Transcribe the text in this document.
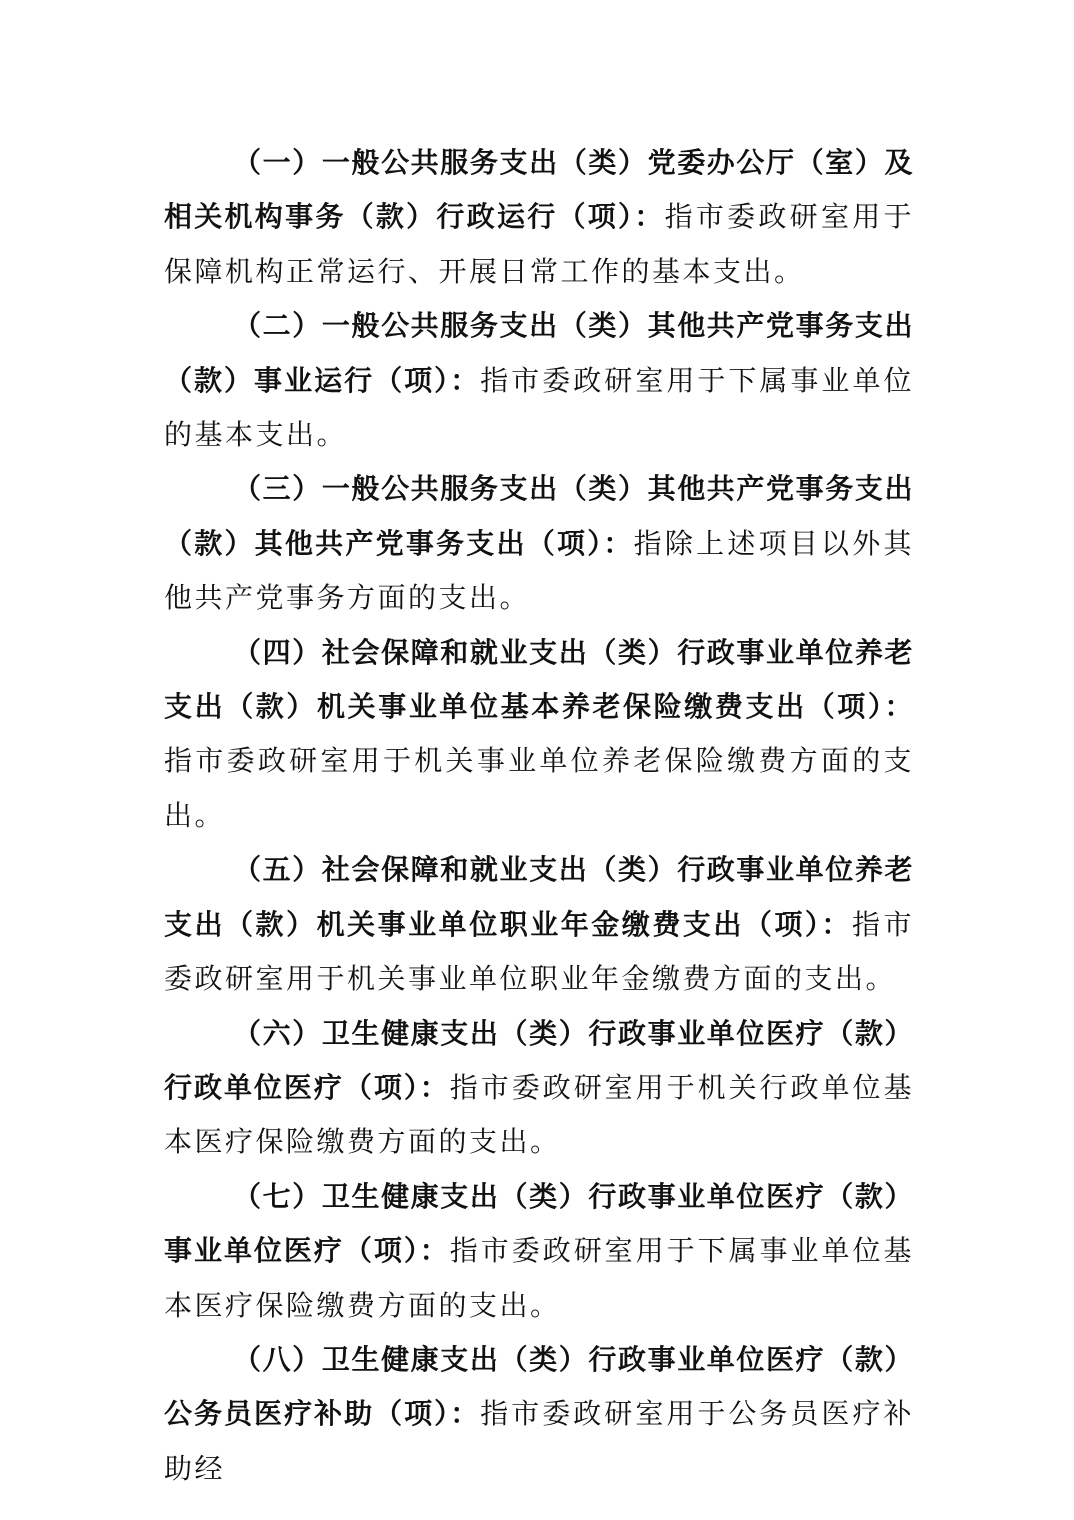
（一）一般公共服务支出（类）党委办公厅（室）及相关机构事务（款）行政运行（项）：指市委政研室用于保障机构正常运行、开展日常工作的基本支出。

（二）一般公共服务支出（类）其他共产党事务支出（款）事业运行（项）：指市委政研室用于下属事业单位的基本支出。

（三）一般公共服务支出（类）其他共产党事务支出（款）其他共产党事务支出（项）：指除上述项目以外其他共产党事务方面的支出。

（四）社会保障和就业支出（类）行政事业单位养老支出（款）机关事业单位基本养老保险缴费支出（项）：指市委政研室用于机关事业单位养老保险缴费方面的支出。

（五）社会保障和就业支出（类）行政事业单位养老支出（款）机关事业单位职业年金缴费支出（项）：指市委政研室用于机关事业单位职业年金缴费方面的支出。

（六）卫生健康支出（类）行政事业单位医疗（款）行政单位医疗（项）：指市委政研室用于机关行政单位基本医疗保险缴费方面的支出。

（七）卫生健康支出（类）行政事业单位医疗（款）事业单位医疗（项）：指市委政研室用于下属事业单位基本医疗保险缴费方面的支出。

（八）卫生健康支出（类）行政事业单位医疗（款）公务员医疗补助（项）：指市委政研室用于公务员医疗补助经
